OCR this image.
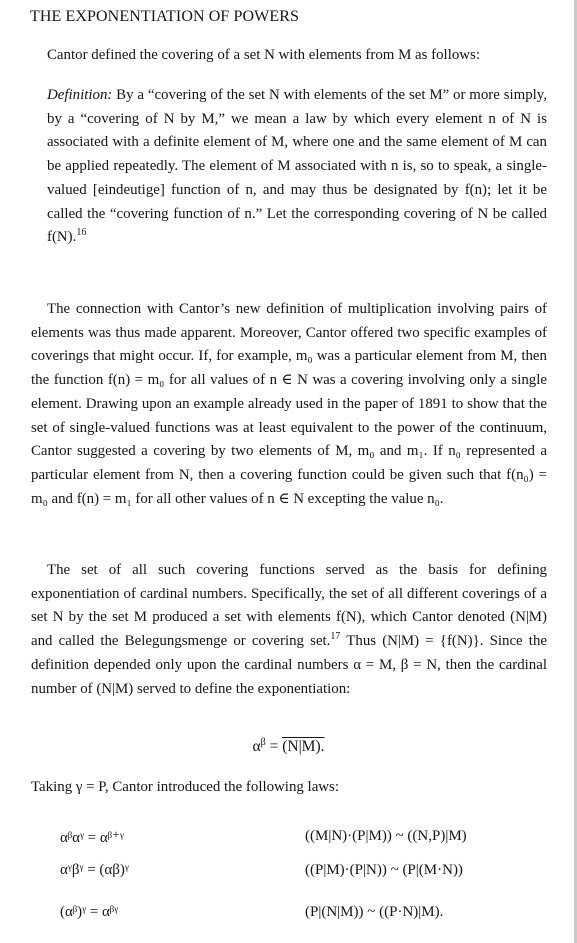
THE EXPONENTIATION OF POWERS
Cantor defined the covering of a set N with elements from M as follows:
Definition: By a “covering of the set N with elements of the set M” or more simply, by a “covering of N by M,” we mean a law by which every element n of N is associated with a definite element of M, where one and the same element of M can be applied repeatedly. The element of M associated with n is, so to speak, a single-valued [eindeutige] function of n, and may thus be designated by f(n); let it be called the “covering function of n.” Let the corresponding covering of N be called f(N).$^{16}$
The connection with Cantor’s new definition of multiplication involving pairs of elements was thus made apparent. Moreover, Cantor offered two specific examples of coverings that might occur. If, for example, m₀ was a particular element from M, then the function f(n) = m₀ for all values of n ∈ N was a covering involving only a single element. Drawing upon an example already used in the paper of 1891 to show that the set of single-valued functions was at least equivalent to the power of the continuum, Cantor suggested a covering by two elements of M, m₀ and m₁. If n₀ represented a particular element from N, then a covering function could be given such that f(n₀) = m₀ and f(n) = m₁ for all other values of n ∈ N excepting the value n₀.
The set of all such covering functions served as the basis for defining exponentiation of cardinal numbers. Specifically, the set of all different coverings of a set N by the set M produced a set with elements f(N), which Cantor denoted (N|M) and called the Belegungsmenge or covering set.$^{17}$ Thus (N|M) = {f(N)}. Since the definition depended only upon the cardinal numbers α = M, β = N, then the cardinal number of (N|M) served to define the exponentiation:
$\alpha^\beta = (N|M)$.
Taking γ = P, Cantor introduced the following laws:
αᵝαᵞ = αᵝ⁺ᵞ	((M|N)·(P|M)) ~ ((N,P)|M)
αᵞβᵞ = (αβ)ᵞ	((P|M)·(P|N)) ~ (P|(M·N))
(αᵝ)ᵞ = αᵝᵞ	(P|(N|M)) ~ ((P·N)|M).
